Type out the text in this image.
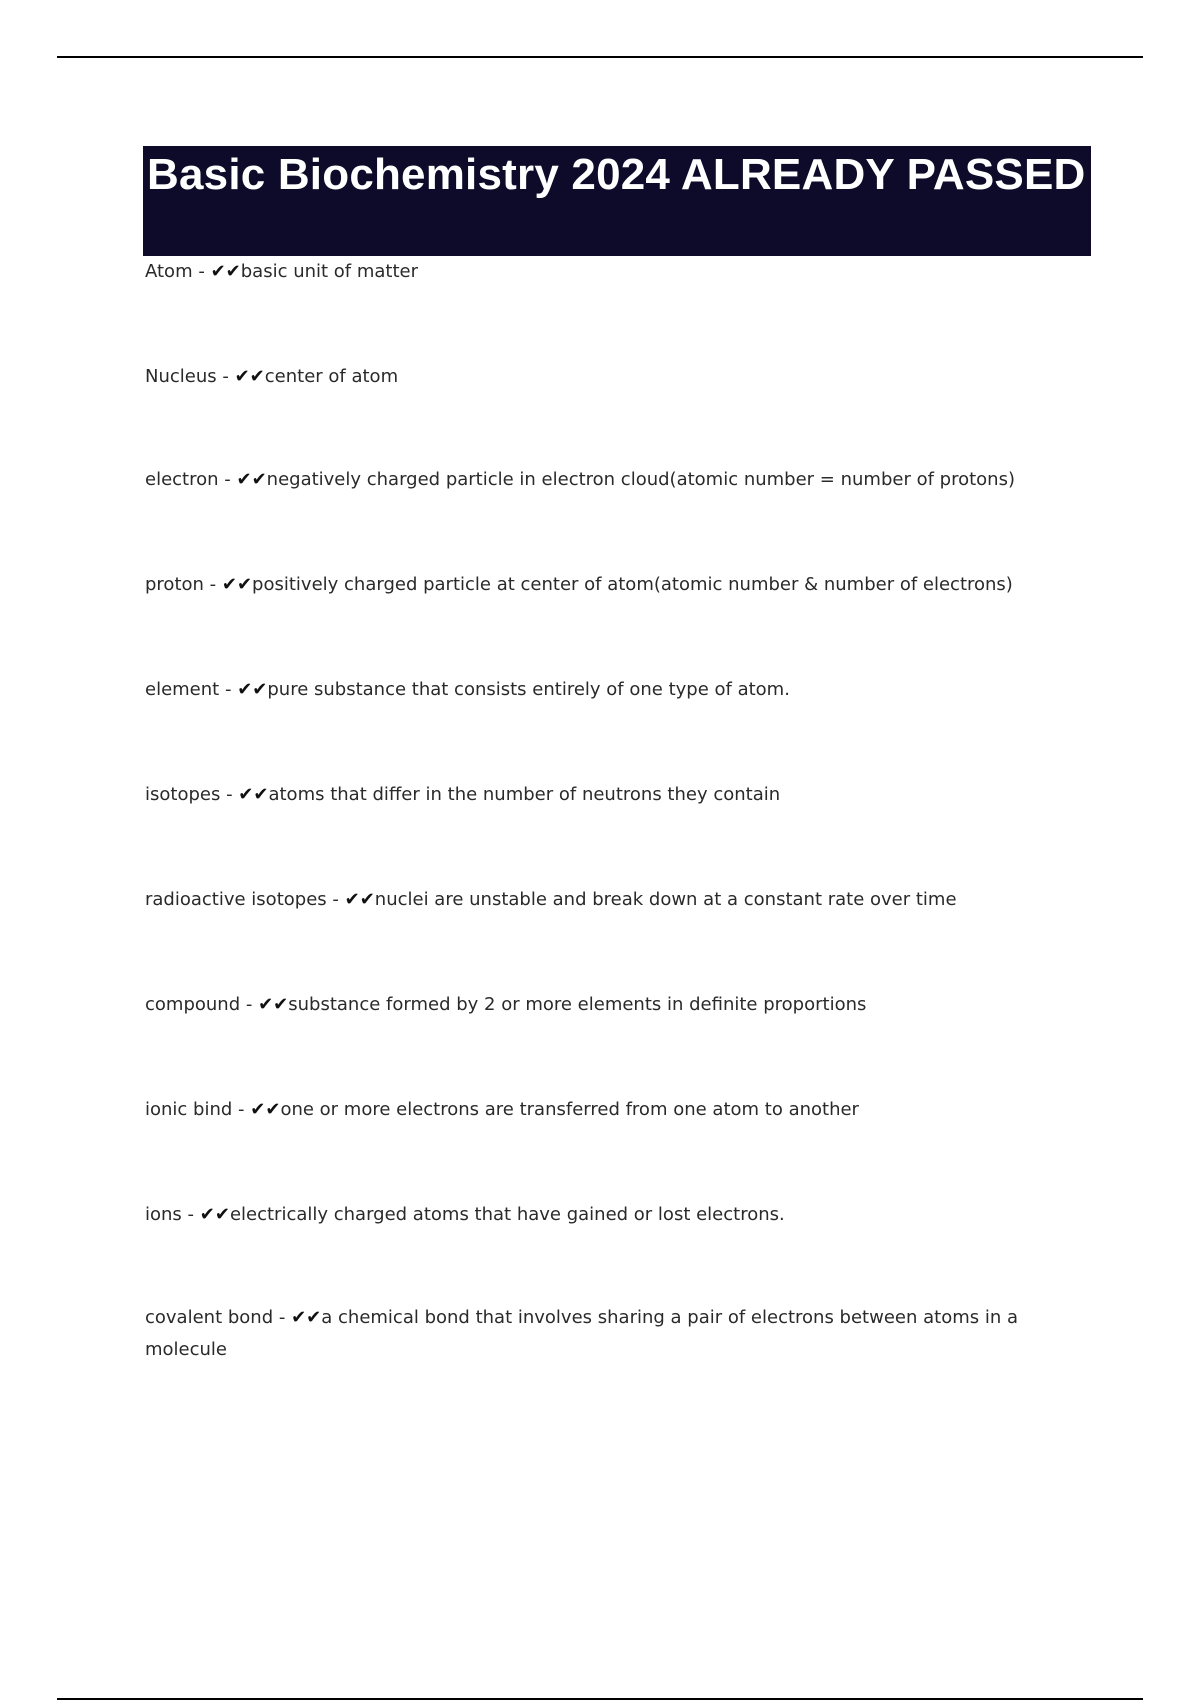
Basic Biochemistry 2024 ALREADY PASSED
Atom - ✔✔basic unit of matter
Nucleus - ✔✔center of atom
electron - ✔✔negatively charged particle in electron cloud(atomic number = number of protons)
proton - ✔✔positively charged particle at center of atom(atomic number & number of electrons)
element - ✔✔pure substance that consists entirely of one type of atom.
isotopes - ✔✔atoms that differ in the number of neutrons they contain
radioactive isotopes - ✔✔nuclei are unstable and break down at a constant rate over time
compound - ✔✔substance formed by 2 or more elements in definite proportions
ionic bind - ✔✔one or more electrons are transferred from one atom to another
ions - ✔✔electrically charged atoms that have gained or lost electrons.
covalent bond - ✔✔a chemical bond that involves sharing a pair of electrons between atoms in a molecule
